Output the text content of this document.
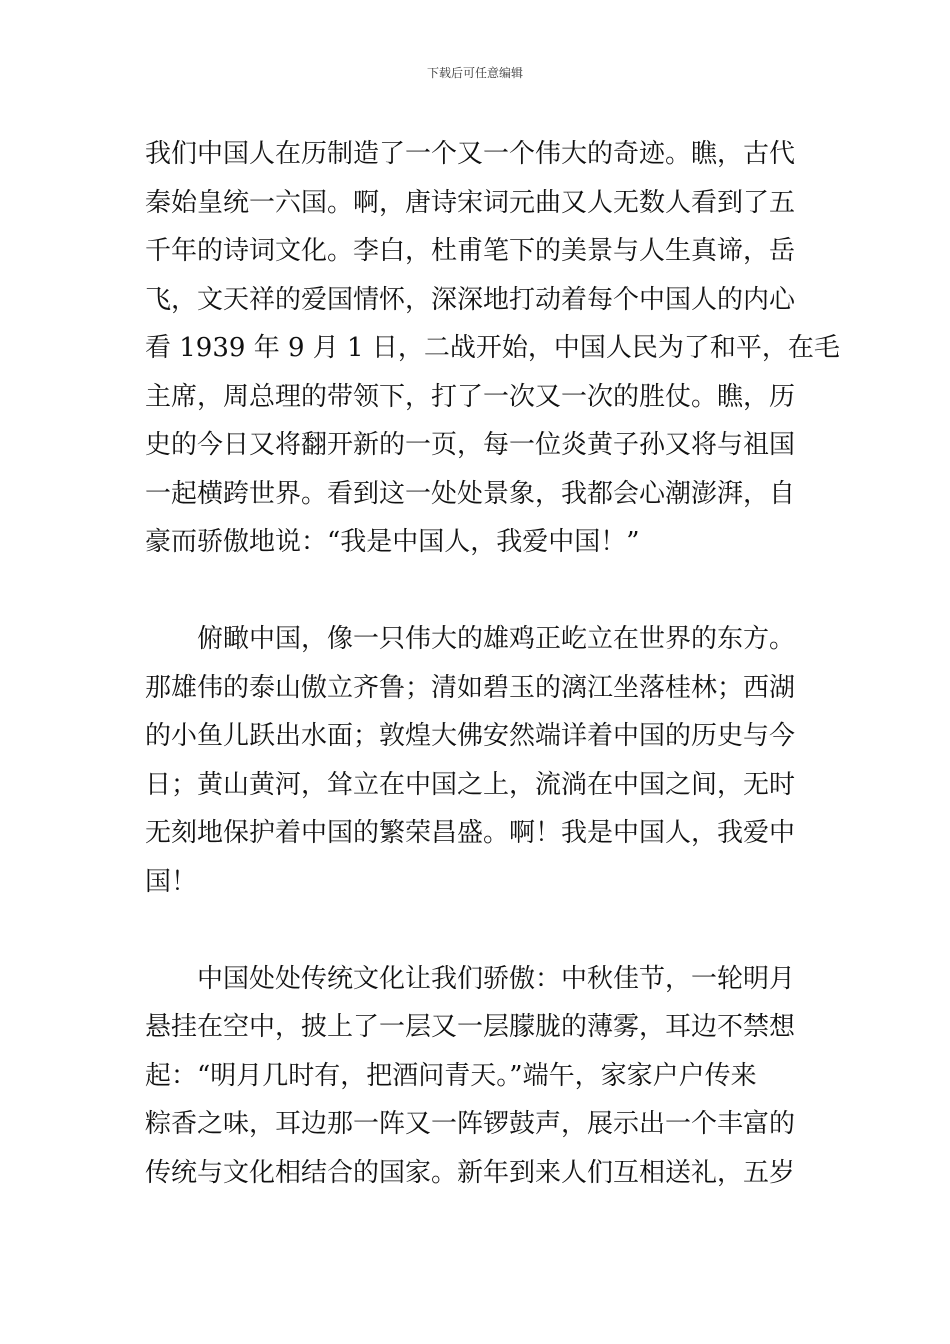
下载后可任意编辑
我们中国人在历制造了一个又一个伟大的奇迹。瞧，古代
秦始皇统一六国。啊，唐诗宋词元曲又人无数人看到了五
千年的诗词文化。李白，杜甫笔下的美景与人生真谛，岳
飞，文天祥的爱国情怀，深深地打动着每个中国人的内心
看 1939 年 9 月 1 日，二战开始，中国人民为了和平，在毛
主席，周总理的带领下，打了一次又一次的胜仗。瞧，历
史的今日又将翻开新的一页，每一位炎黄子孙又将与祖国
一起横跨世界。看到这一处处景象，我都会心潮澎湃，自
豪而骄傲地说：“我是中国人，我爱中国！”
俯瞰中国，像一只伟大的雄鸡正屹立在世界的东方。
那雄伟的泰山傲立齐鲁；清如碧玉的漓江坐落桂林；西湖
的小鱼儿跃出水面；敦煌大佛安然端详着中国的历史与今
日；黄山黄河，耸立在中国之上，流淌在中国之间，无时
无刻地保护着中国的繁荣昌盛。啊！我是中国人，我爱中
国！
中国处处传统文化让我们骄傲：中秋佳节，一轮明月
悬挂在空中，披上了一层又一层朦胧的薄雾，耳边不禁想
起：“明月几时有，把酒问青天。”端午，家家户户传来
粽香之味，耳边那一阵又一阵锣鼓声，展示出一个丰富的
传统与文化相结合的国家。新年到来人们互相送礼，五岁
